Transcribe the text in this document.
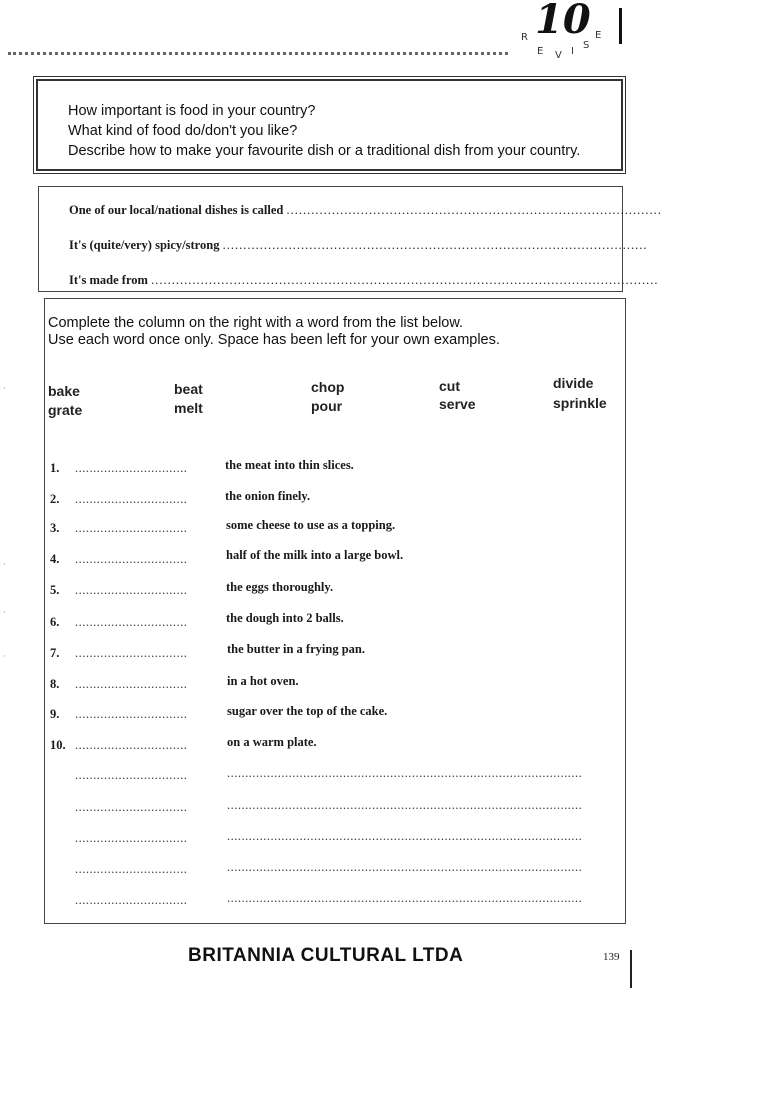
10
R
E V I
S
E
How important is food in your country?
What kind of food do/don't you like?
Describe how to make your favourite dish or a traditional dish from your country.
One of our local/national dishes is called ...........................................................................................
It's (quite/very) spicy/strong .......................................................................................................
It's made from ...........................................................................................................................
Complete the column on the right with a word from the list below.
Use each word once only. Space has been left for your own examples.
bake	beat	chop	cut	divide
grate	melt	pour	serve	sprinkle
1. ...............................	the meat into thin slices.
2. ...............................	the onion finely.
3. ...............................	some cheese to use as a topping.
4. ...............................	half of the milk into a large bowl.
5. ...............................	the eggs thoroughly.
6. ...............................	the dough into 2 balls.
7. ...............................	the butter in a frying pan.
8. ...............................	in a hot oven.
9. ...............................	sugar over the top of the cake.
10. ...............................	on a warm plate.
...............................	..................................................................................................
...............................	..................................................................................................
...............................	..................................................................................................
...............................	..................................................................................................
...............................	..................................................................................................
·
·
·
·
BRITANNIA CULTURAL LTDA	139
